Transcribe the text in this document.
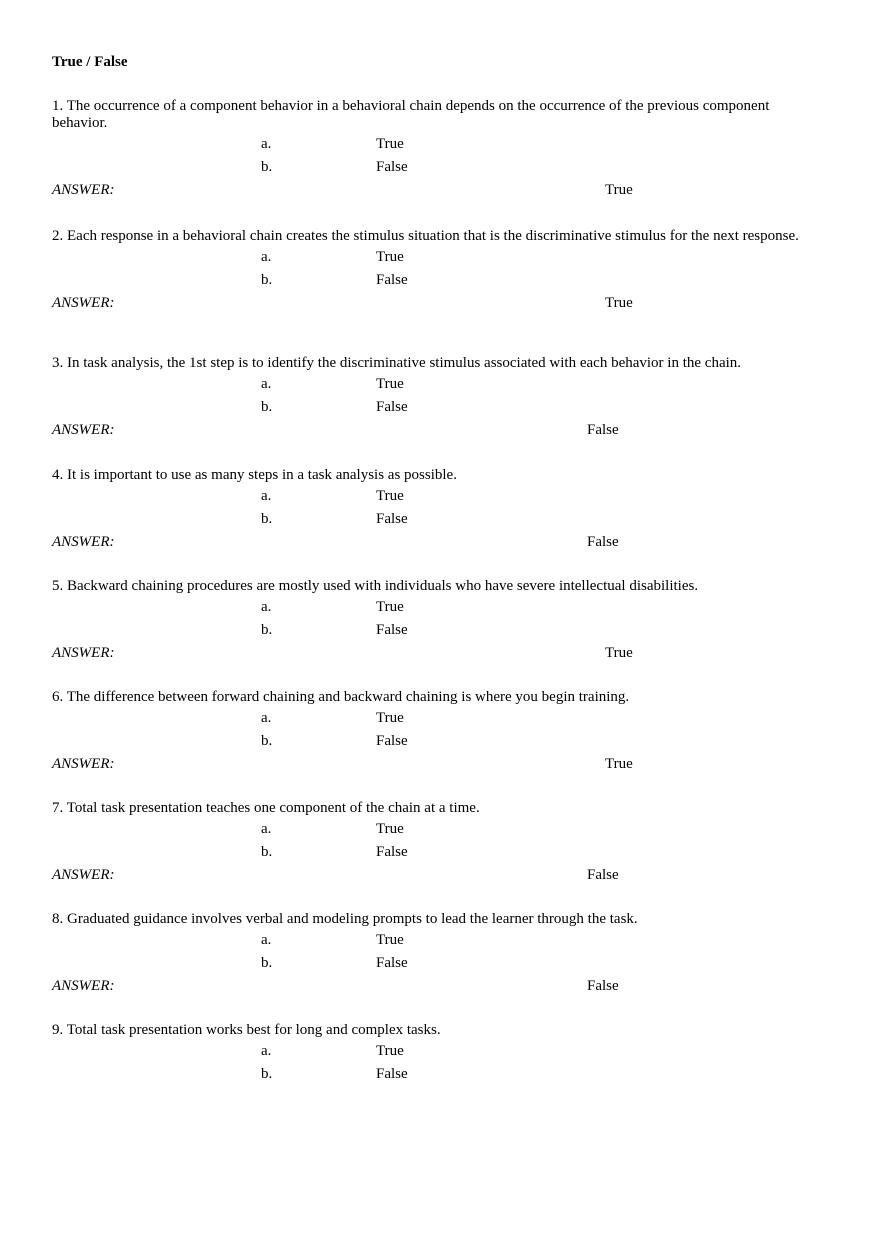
True / False
1. The occurrence of a component behavior in a behavioral chain depends on the occurrence of the previous component behavior.
a.	True
b.	False
ANSWER:	True
2. Each response in a behavioral chain creates the stimulus situation that is the discriminative stimulus for the next response.
a.	True
b.	False
ANSWER:	True
3. In task analysis, the 1st step is to identify the discriminative stimulus associated with each behavior in the chain.
a.	True
b.	False
ANSWER:	False
4. It is important to use as many steps in a task analysis as possible.
a.	True
b.	False
ANSWER:	False
5. Backward chaining procedures are mostly used with individuals who have severe intellectual disabilities.
a.	True
b.	False
ANSWER:	True
6. The difference between forward chaining and backward chaining is where you begin training.
a.	True
b.	False
ANSWER:	True
7. Total task presentation teaches one component of the chain at a time.
a.	True
b.	False
ANSWER:	False
8. Graduated guidance involves verbal and modeling prompts to lead the learner through the task.
a.	True
b.	False
ANSWER:	False
9. Total task presentation works best for long and complex tasks.
a.	True
b.	False
